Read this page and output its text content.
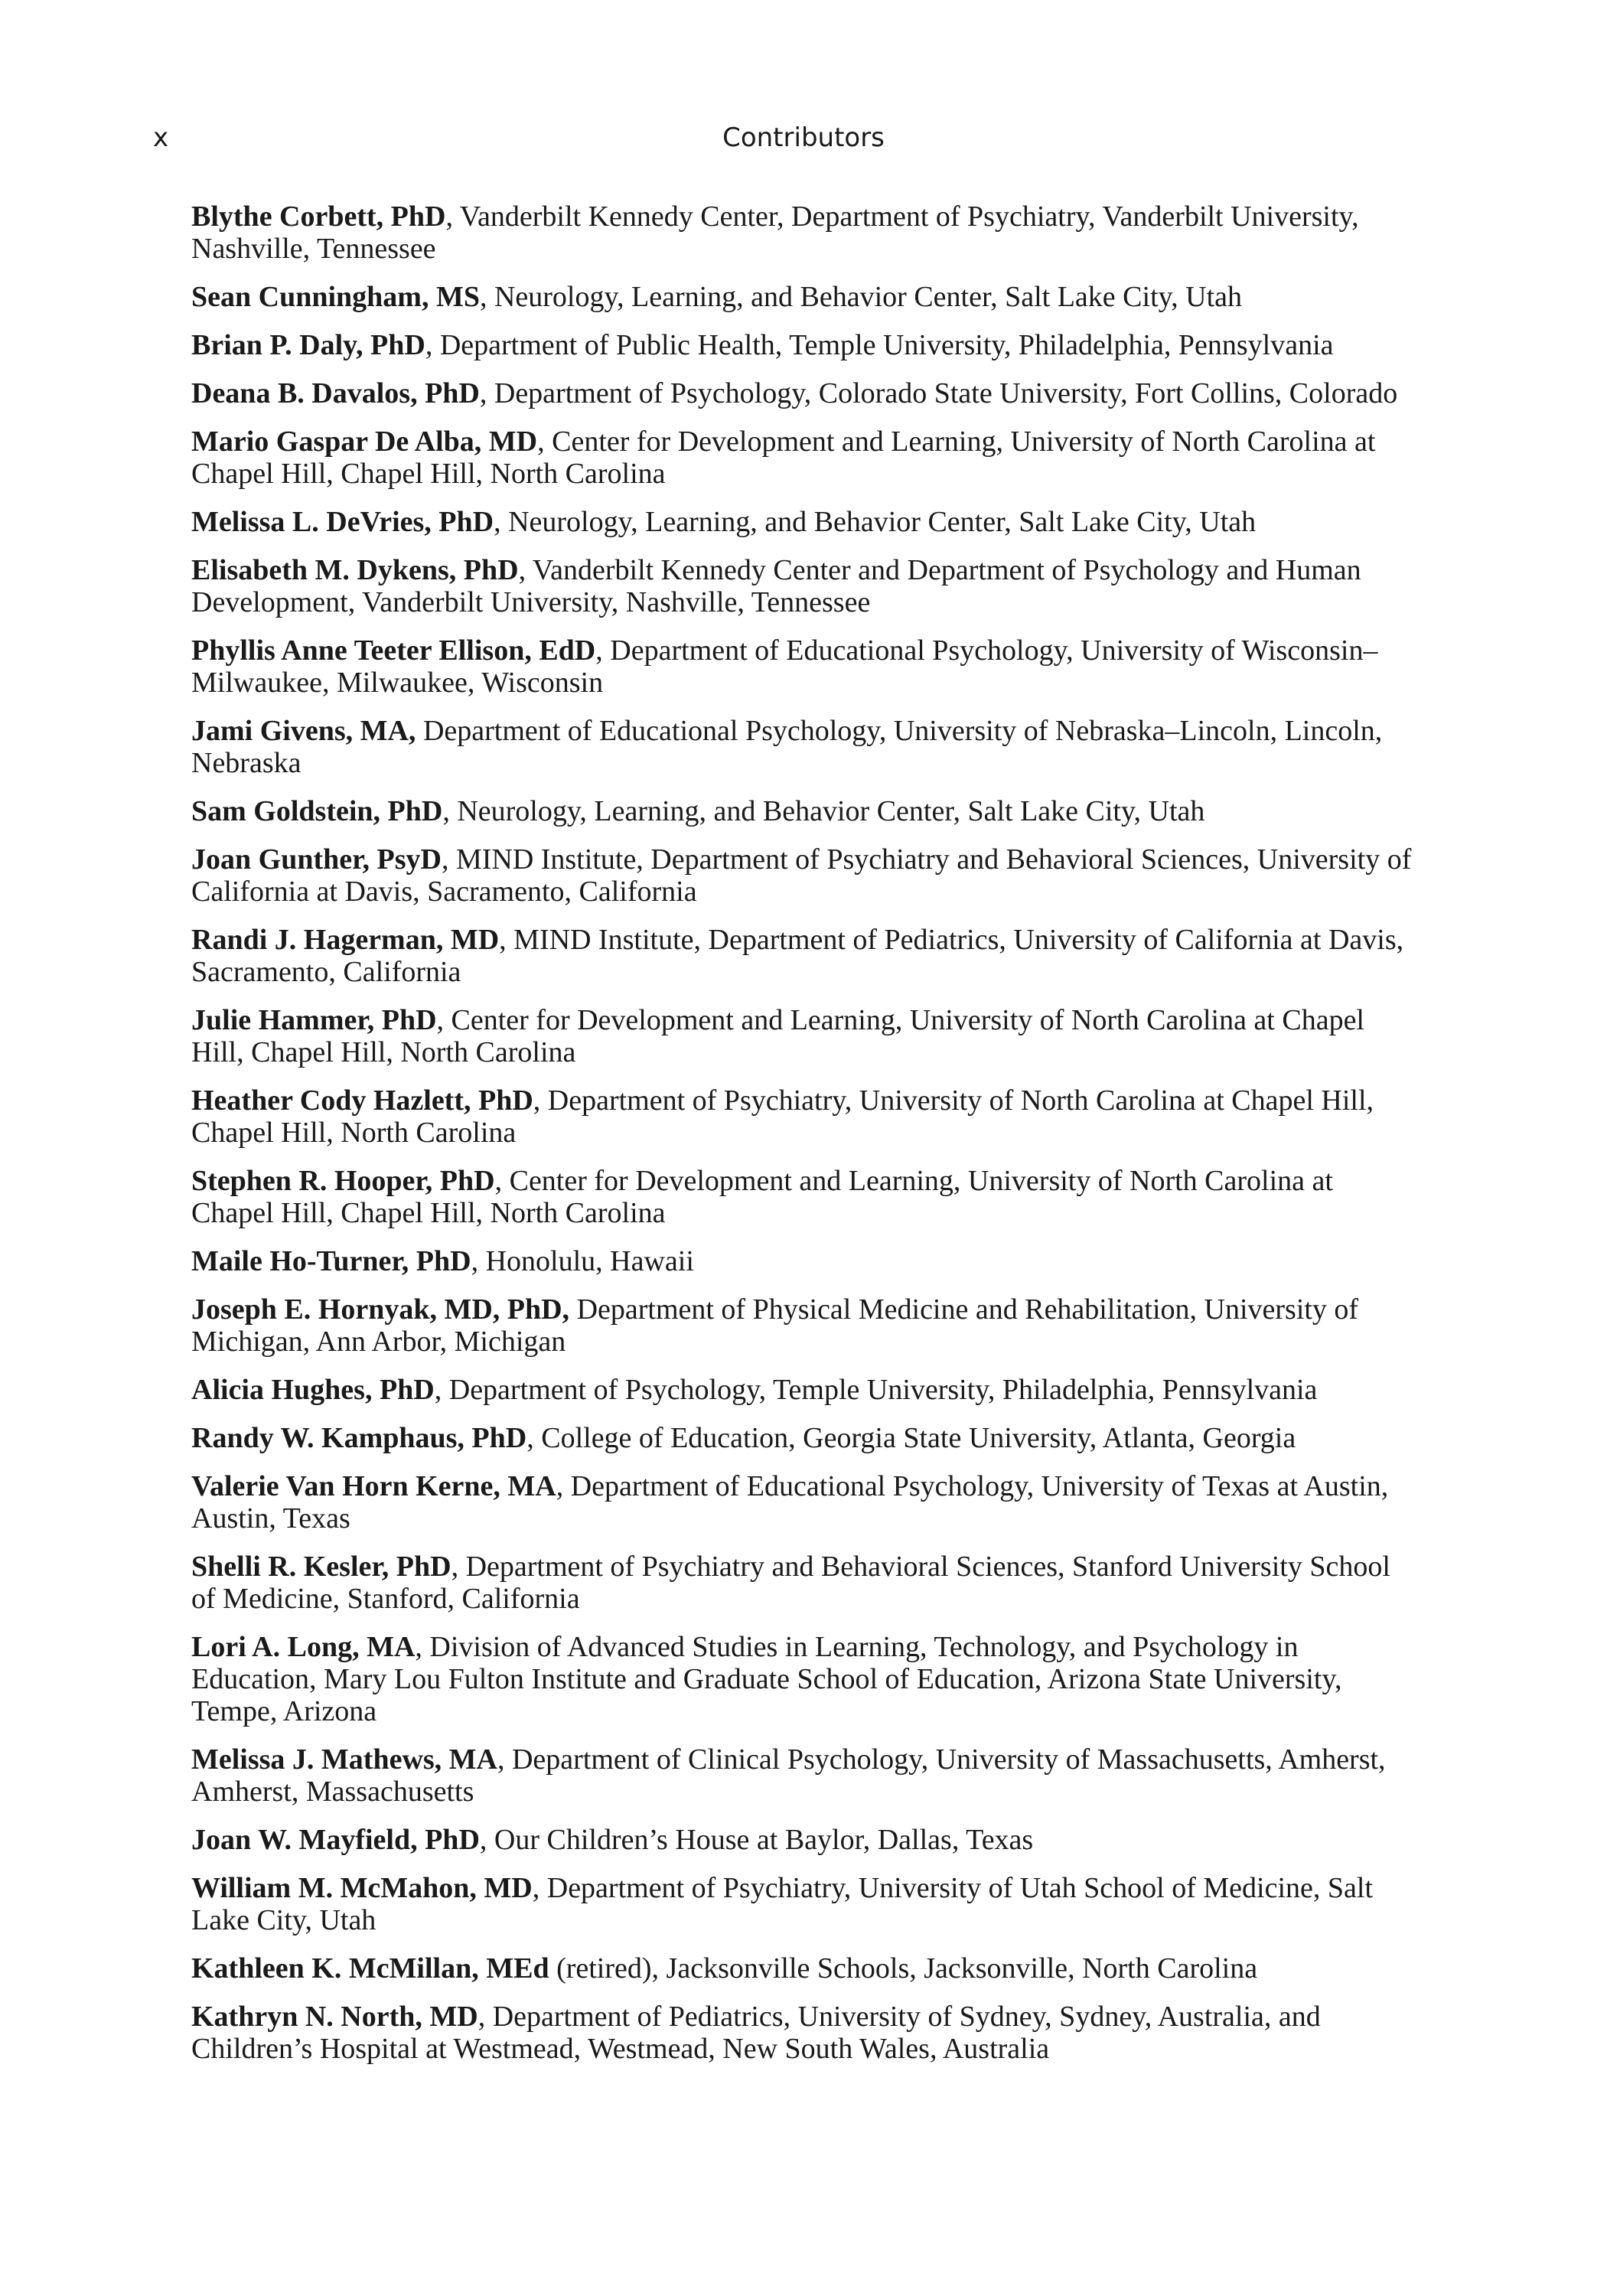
x	Contributors
Blythe Corbett, PhD, Vanderbilt Kennedy Center, Department of Psychiatry, Vanderbilt University, Nashville, Tennessee
Sean Cunningham, MS, Neurology, Learning, and Behavior Center, Salt Lake City, Utah
Brian P. Daly, PhD, Department of Public Health, Temple University, Philadelphia, Pennsylvania
Deana B. Davalos, PhD, Department of Psychology, Colorado State University, Fort Collins, Colorado
Mario Gaspar De Alba, MD, Center for Development and Learning, University of North Carolina at Chapel Hill, Chapel Hill, North Carolina
Melissa L. DeVries, PhD, Neurology, Learning, and Behavior Center, Salt Lake City, Utah
Elisabeth M. Dykens, PhD, Vanderbilt Kennedy Center and Department of Psychology and Human Development, Vanderbilt University, Nashville, Tennessee
Phyllis Anne Teeter Ellison, EdD, Department of Educational Psychology, University of Wisconsin–Milwaukee, Milwaukee, Wisconsin
Jami Givens, MA, Department of Educational Psychology, University of Nebraska–Lincoln, Lincoln, Nebraska
Sam Goldstein, PhD, Neurology, Learning, and Behavior Center, Salt Lake City, Utah
Joan Gunther, PsyD, MIND Institute, Department of Psychiatry and Behavioral Sciences, University of California at Davis, Sacramento, California
Randi J. Hagerman, MD, MIND Institute, Department of Pediatrics, University of California at Davis, Sacramento, California
Julie Hammer, PhD, Center for Development and Learning, University of North Carolina at Chapel Hill, Chapel Hill, North Carolina
Heather Cody Hazlett, PhD, Department of Psychiatry, University of North Carolina at Chapel Hill, Chapel Hill, North Carolina
Stephen R. Hooper, PhD, Center for Development and Learning, University of North Carolina at Chapel Hill, Chapel Hill, North Carolina
Maile Ho-Turner, PhD, Honolulu, Hawaii
Joseph E. Hornyak, MD, PhD, Department of Physical Medicine and Rehabilitation, University of Michigan, Ann Arbor, Michigan
Alicia Hughes, PhD, Department of Psychology, Temple University, Philadelphia, Pennsylvania
Randy W. Kamphaus, PhD, College of Education, Georgia State University, Atlanta, Georgia
Valerie Van Horn Kerne, MA, Department of Educational Psychology, University of Texas at Austin, Austin, Texas
Shelli R. Kesler, PhD, Department of Psychiatry and Behavioral Sciences, Stanford University School of Medicine, Stanford, California
Lori A. Long, MA, Division of Advanced Studies in Learning, Technology, and Psychology in Education, Mary Lou Fulton Institute and Graduate School of Education, Arizona State University, Tempe, Arizona
Melissa J. Mathews, MA, Department of Clinical Psychology, University of Massachusetts, Amherst, Amherst, Massachusetts
Joan W. Mayfield, PhD, Our Children’s House at Baylor, Dallas, Texas
William M. McMahon, MD, Department of Psychiatry, University of Utah School of Medicine, Salt Lake City, Utah
Kathleen K. McMillan, MEd (retired), Jacksonville Schools, Jacksonville, North Carolina
Kathryn N. North, MD, Department of Pediatrics, University of Sydney, Sydney, Australia, and Children’s Hospital at Westmead, Westmead, New South Wales, Australia
